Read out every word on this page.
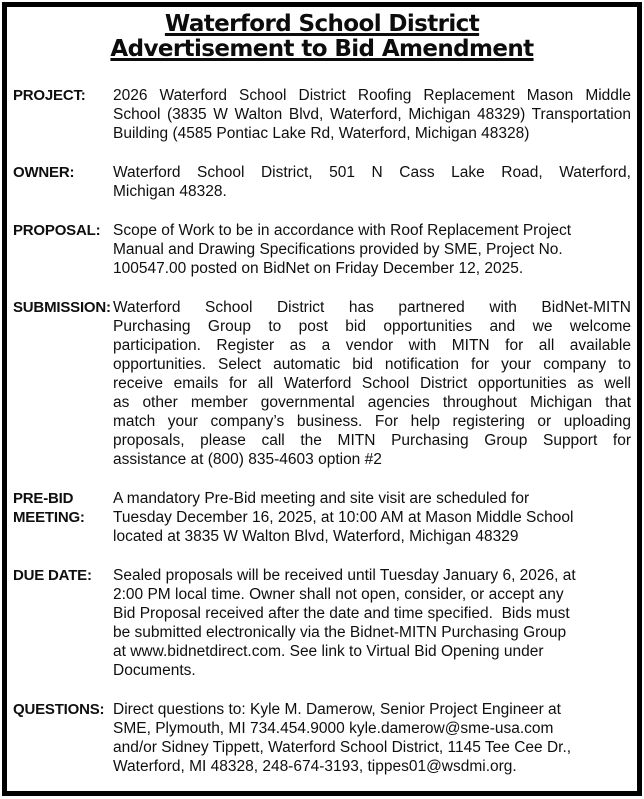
Waterford School District
Advertisement to Bid Amendment
PROJECT:	2026 Waterford School District Roofing Replacement Mason Middle
School (3835 W Walton Blvd, Waterford, Michigan 48329) Transportation
Building (4585 Pontiac Lake Rd, Waterford, Michigan 48328)
OWNER:	Waterford School District, 501 N Cass Lake Road, Waterford,
Michigan 48328.
PROPOSAL: Scope of Work to be in accordance with Roof Replacement Project
Manual and Drawing Specifications provided by SME, Project No.
100547.00 posted on BidNet on Friday December 12, 2025.
SUBMISSION: Waterford School District has partnered with BidNet-MITN
Purchasing Group to post bid opportunities and we welcome
participation. Register as a vendor with MITN for all available
opportunities. Select automatic bid notification for your company to
receive emails for all Waterford School District opportunities as well
as other member governmental agencies throughout Michigan that
match your company’s business. For help registering or uploading
proposals, please call the MITN Purchasing Group Support for
assistance at (800) 835-4603 option #2
PRE-BID MEETING:
A mandatory Pre-Bid meeting and site visit are scheduled for
Tuesday December 16, 2025, at 10:00 AM at Mason Middle School
located at 3835 W Walton Blvd, Waterford, Michigan 48329
DUE DATE:	Sealed proposals will be received until Tuesday January 6, 2026, at
2:00 PM local time. Owner shall not open, consider, or accept any
Bid Proposal received after the date and time specified.  Bids must
be submitted electronically via the Bidnet-MITN Purchasing Group
at www.bidnetdirect.com. See link to Virtual Bid Opening under
Documents.
QUESTIONS: Direct questions to: Kyle M. Damerow, Senior Project Engineer at
SME, Plymouth, MI 734.454.9000 kyle.damerow@sme-usa.com
and/or Sidney Tippett, Waterford School District, 1145 Tee Cee Dr.,
Waterford, MI 48328, 248-674-3193, tippes01@wsdmi.org.
